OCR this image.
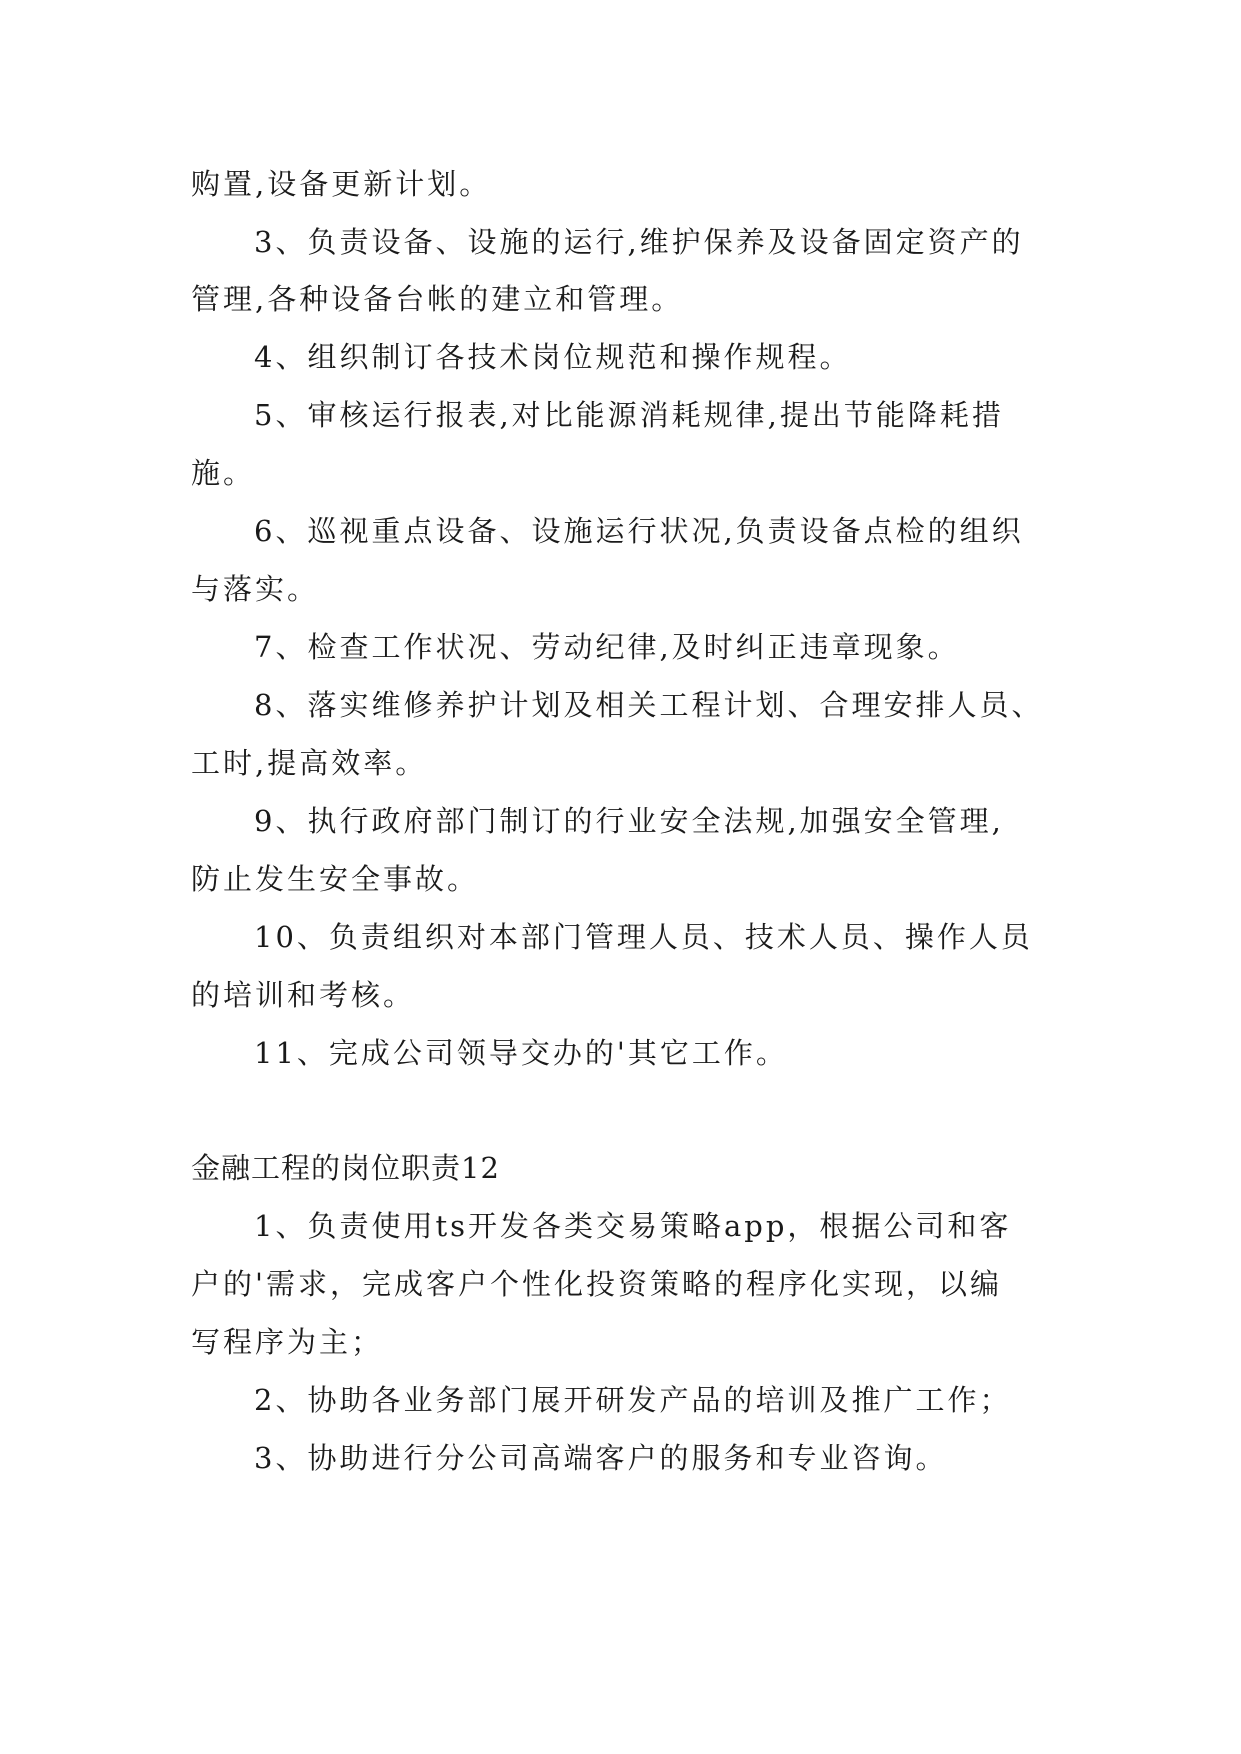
购置,设备更新计划。
3、负责设备、设施的运行,维护保养及设备固定资产的
管理,各种设备台帐的建立和管理。
4、组织制订各技术岗位规范和操作规程。
5、审核运行报表,对比能源消耗规律,提出节能降耗措
施。
6、巡视重点设备、设施运行状况,负责设备点检的组织
与落实。
7、检查工作状况、劳动纪律,及时纠正违章现象。
8、落实维修养护计划及相关工程计划、合理安排人员、
工时,提高效率。
9、执行政府部门制订的行业安全法规,加强安全管理,
防止发生安全事故。
10、负责组织对本部门管理人员、技术人员、操作人员
的培训和考核。
11、完成公司领导交办的'其它工作。
金融工程的岗位职责12
1、负责使用ts开发各类交易策略app，根据公司和客
户的'需求，完成客户个性化投资策略的程序化实现，以编
写程序为主；
2、协助各业务部门展开研发产品的培训及推广工作；
3、协助进行分公司高端客户的服务和专业咨询。
